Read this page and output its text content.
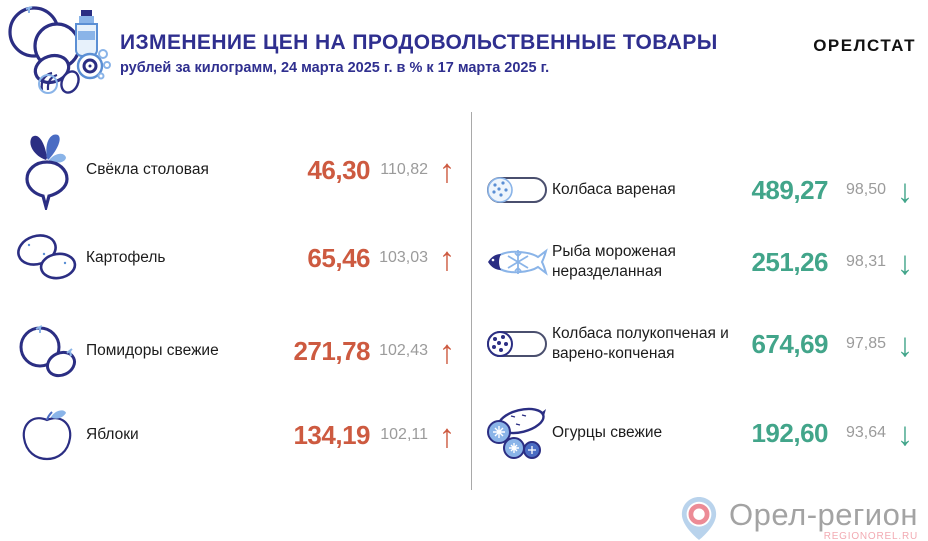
ИЗМЕНЕНИЕ ЦЕН НА ПРОДОВОЛЬСТВЕННЫЕ ТОВАРЫ
рублей за килограмм, 24 марта 2025 г. в % к 17 марта 2025 г.
ОРЕЛСТАТ
Свёкла столовая	46,30 110,82 ↑
Картофель	65,46 103,03 ↑
Помидоры свежие	271,78 102,43 ↑
Яблоки	134,19 102,11 ↑
Колбаса вареная	489,27	98,50 ↓
Рыба мороженая неразделанная	251,26	98,31 ↓
Колбаса полукопченая и варено-копченая	674,69	97,85 ↓
Огурцы свежие	192,60	93,64 ↓
Орел-регион
REGIONOREL.RU
